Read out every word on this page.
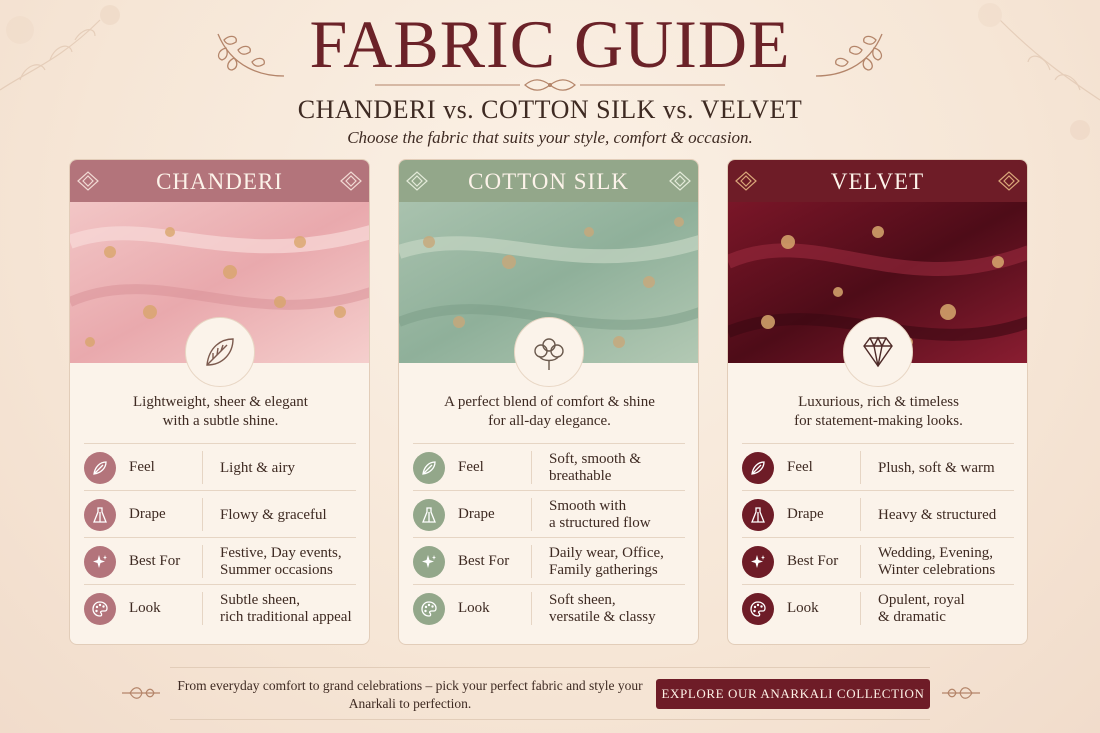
FABRIC GUIDE
CHANDERI vs. COTTON SILK vs. VELVET
Choose the fabric that suits your style, comfort & occasion.
CHANDERI
Lightweight, sheer & elegant
with a subtle shine.
Feel	Light & airy
Drape	Flowy & graceful
Best For	Festive, Day events,
Summer occasions
Look	Subtle sheen,
rich traditional appeal
COTTON SILK
A perfect blend of comfort & shine
for all-day elegance.
Feel	Soft, smooth &
breathable
Drape	Smooth with
a structured flow
Best For	Daily wear, Office,
Family gatherings
Look	Soft sheen,
versatile & classy
VELVET
Luxurious, rich & timeless
for statement-making looks.
Feel	Plush, soft & warm
Drape	Heavy & structured
Best For	Wedding, Evening,
Winter celebrations
Look	Opulent, royal
& dramatic
From everyday comfort to grand celebrations – pick your perfect fabric and style your Anarkali to perfection.
EXPLORE OUR ANARKALI COLLECTION
